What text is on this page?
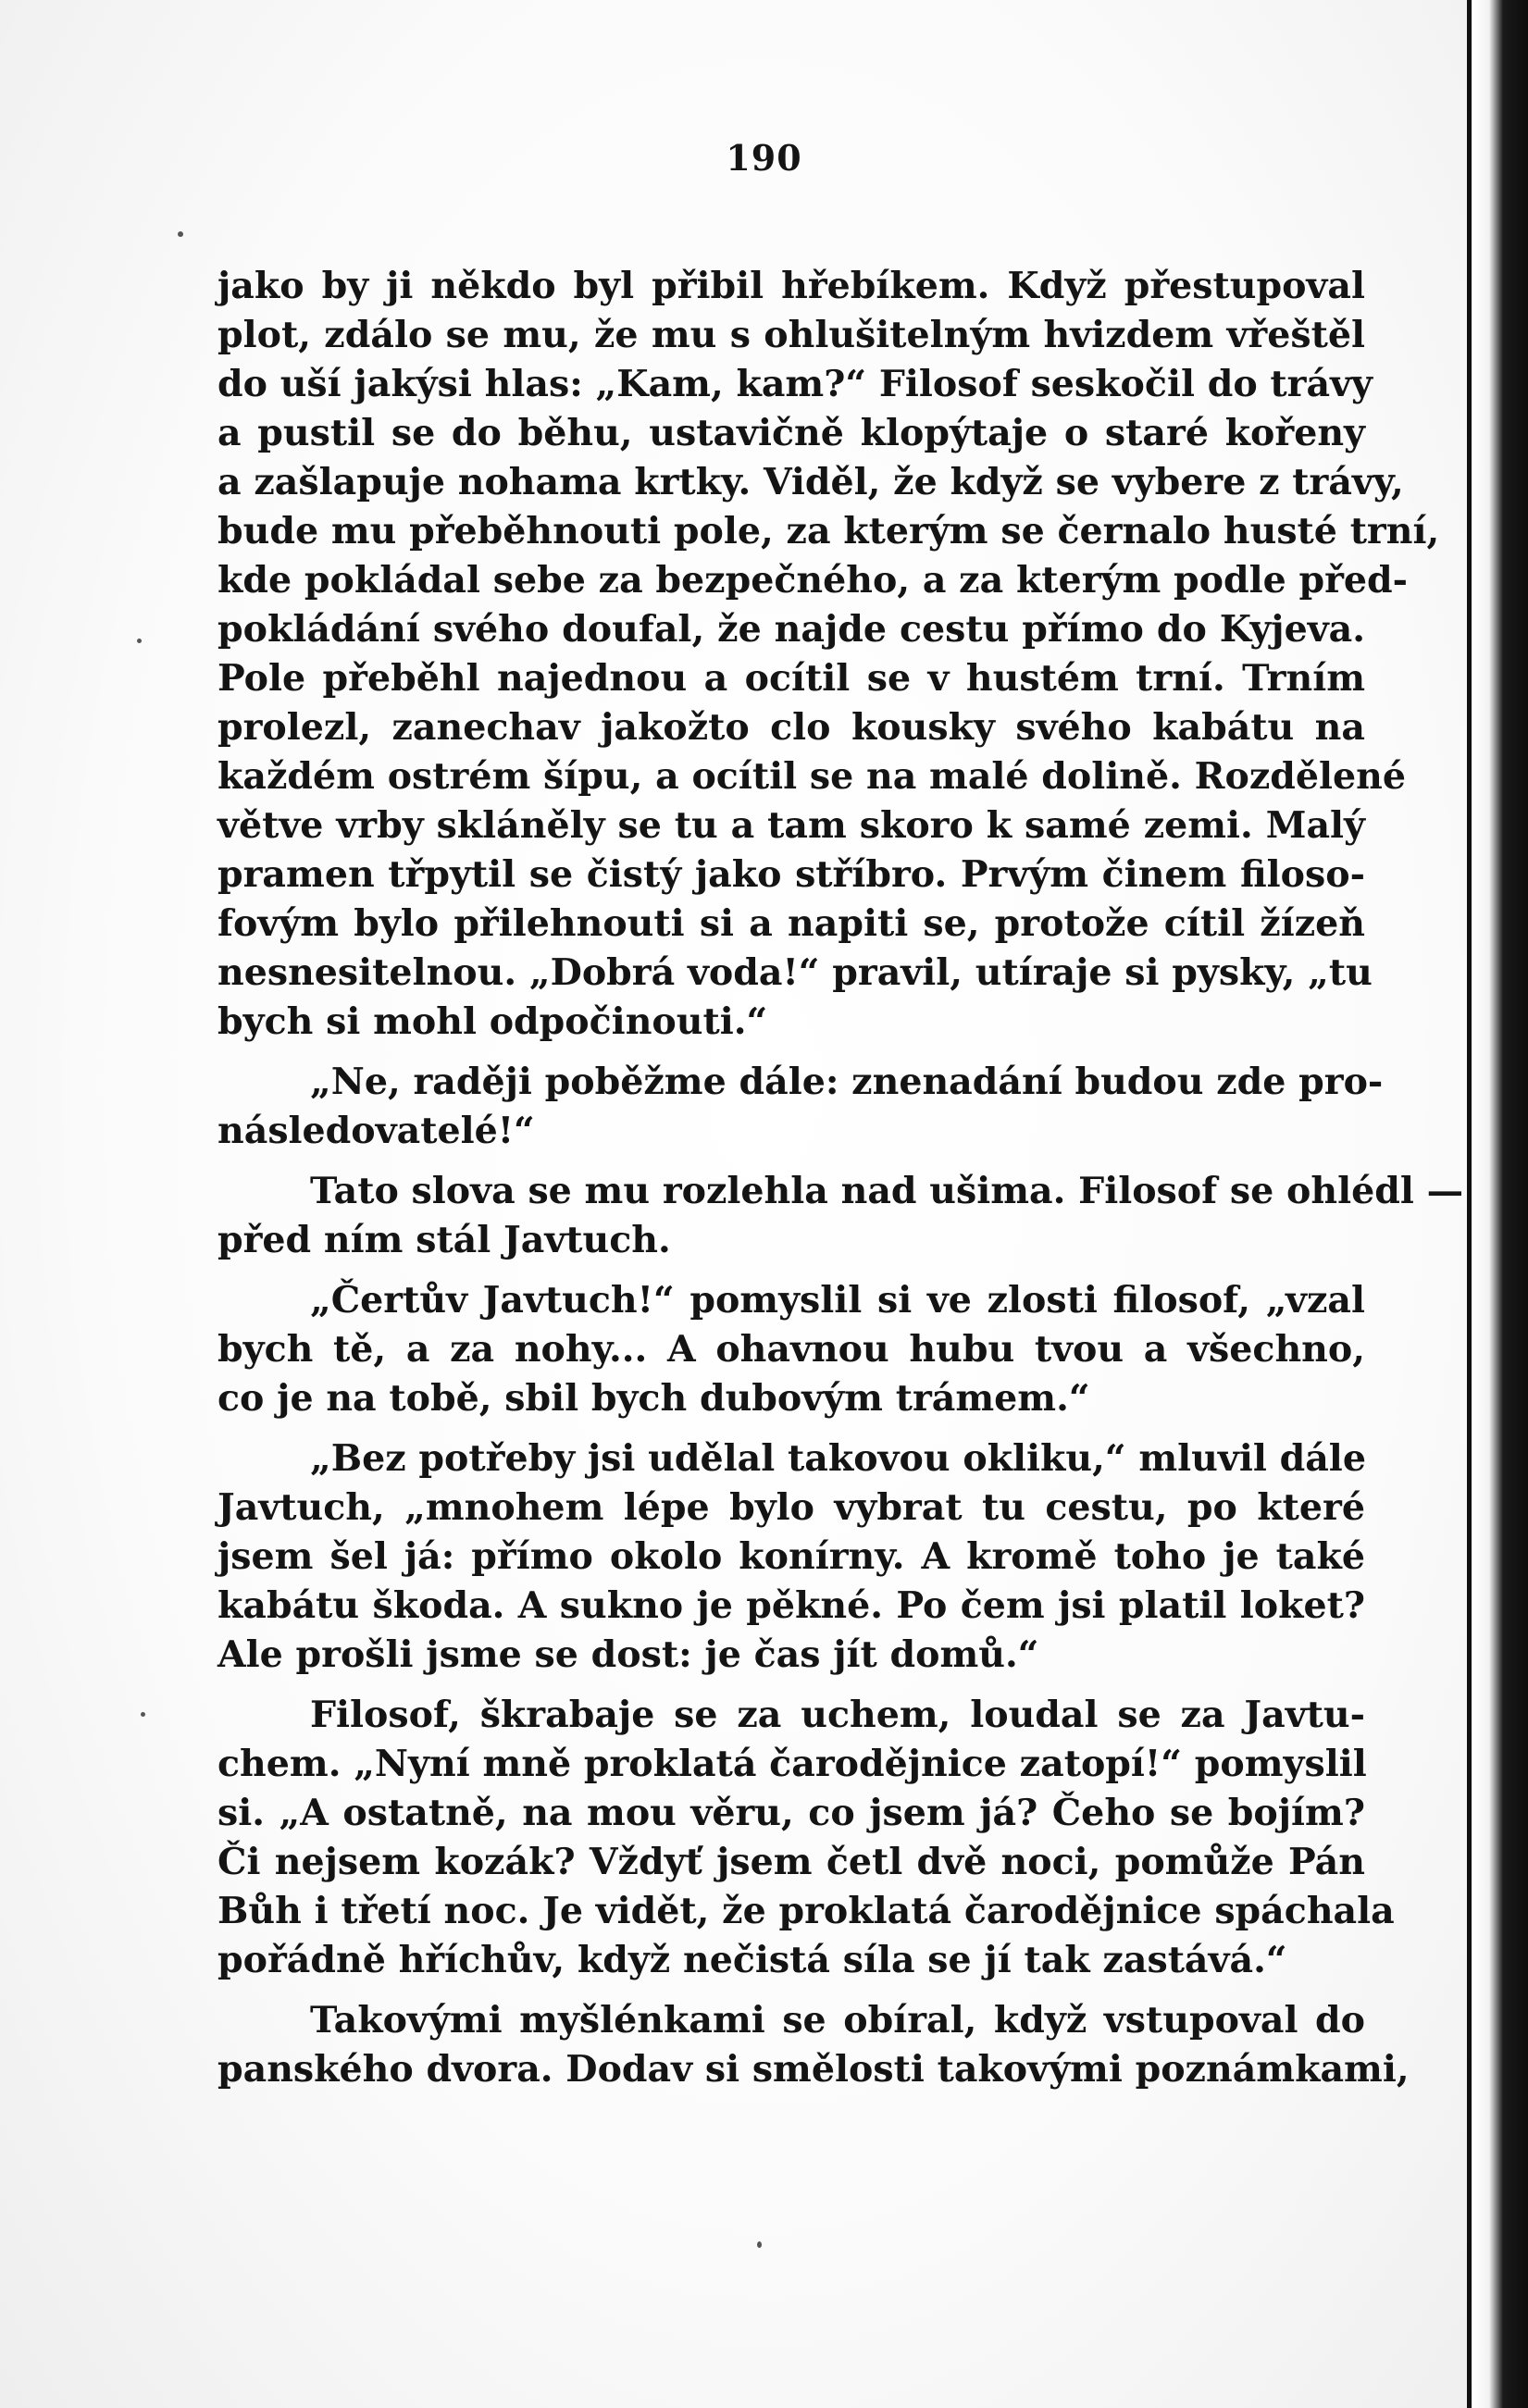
190
jako by ji někdo byl přibil hřebíkem. Když přestupoval
plot, zdálo se mu, že mu s ohlušitelným hvizdem vřeštěl
do uší jakýsi hlas: „Kam, kam?“ Filosof seskočil do trávy
a pustil se do běhu, ustavičně klopýtaje o staré kořeny
a zašlapuje nohama krtky. Viděl, že když se vybere z trávy,
bude mu přeběhnouti pole, za kterým se černalo husté trní,
kde pokládal sebe za bezpečného, a za kterým podle před-
pokládání svého doufal, že najde cestu přímo do Kyjeva.
Pole přeběhl najednou a ocítil se v hustém trní. Trním
prolezl, zanechav jakožto clo kousky svého kabátu na
každém ostrém šípu, a ocítil se na malé dolině. Rozdělené
větve vrby skláněly se tu a tam skoro k samé zemi. Malý
pramen třpytil se čistý jako stříbro. Prvým činem filoso-
fovým bylo přilehnouti si a napiti se, protože cítil žízeň
nesnesitelnou. „Dobrá voda!“ pravil, utíraje si pysky, „tu
bych si mohl odpočinouti.“
„Ne, raději poběžme dále: znenadání budou zde pro-
následovatelé!“
Tato slova se mu rozlehla nad ušima. Filosof se ohlédl —
před ním stál Javtuch.
„Čertův Javtuch!“ pomyslil si ve zlosti filosof, „vzal
bych tě, a za nohy... A ohavnou hubu tvou a všechno,
co je na tobě, sbil bych dubovým trámem.“
„Bez potřeby jsi udělal takovou okliku,“ mluvil dále
Javtuch, „mnohem lépe bylo vybrat tu cestu, po které
jsem šel já: přímo okolo konírny. A kromě toho je také
kabátu škoda. A sukno je pěkné. Po čem jsi platil loket?
Ale prošli jsme se dost: je čas jít domů.“
Filosof, škrabaje se za uchem, loudal se za Javtu-
chem. „Nyní mně proklatá čarodějnice zatopí!“ pomyslil
si. „A ostatně, na mou věru, co jsem já? Čeho se bojím?
Či nejsem kozák? Vždyť jsem četl dvě noci, pomůže Pán
Bůh i třetí noc. Je vidět, že proklatá čarodějnice spáchala
pořádně hříchův, když nečistá síla se jí tak zastává.“
Takovými myšlénkami se obíral, když vstupoval do
panského dvora. Dodav si smělosti takovými poznámkami,
